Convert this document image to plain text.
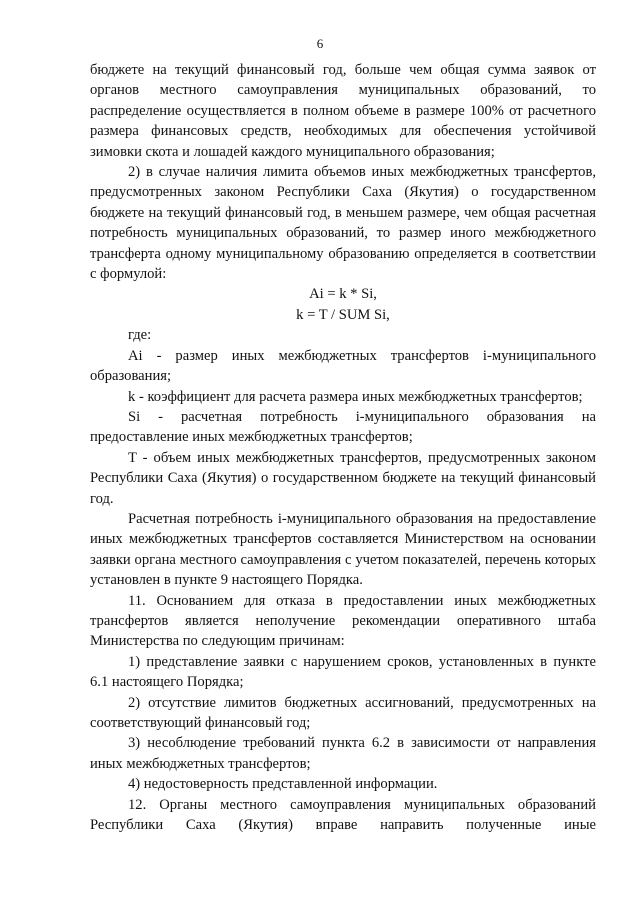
6

бюджете на текущий финансовый год, больше чем общая сумма заявок от органов местного самоуправления муниципальных образований, то распределение осуществляется в полном объеме в размере 100% от расчетного размера финансовых средств, необходимых для обеспечения устойчивой зимовки скота и лошадей каждого муниципального образования;

2) в случае наличия лимита объемов иных межбюджетных трансфертов, предусмотренных законом Республики Саха (Якутия) о государственном бюджете на текущий финансовый год, в меньшем размере, чем общая расчетная потребность муниципальных образований, то размер иного межбюджетного трансферта одному муниципальному образованию определяется в соответствии с формулой:

Ai = k * Si,

k = T / SUM Si,

где:

Ai - размер иных межбюджетных трансфертов i-муниципального образования;

k - коэффициент для расчета размера иных межбюджетных трансфертов;

Si - расчетная потребность i-муниципального образования на предоставление иных межбюджетных трансфертов;

T - объем иных межбюджетных трансфертов, предусмотренных законом Республики Саха (Якутия) о государственном бюджете на текущий финансовый год.

Расчетная потребность i-муниципального образования на предоставление иных межбюджетных трансфертов составляется Министерством на основании заявки органа местного самоуправления с учетом показателей, перечень которых установлен в пункте 9 настоящего Порядка.

11. Основанием для отказа в предоставлении иных межбюджетных трансфертов является неполучение рекомендации оперативного штаба Министерства по следующим причинам:

1) представление заявки с нарушением сроков, установленных в пункте 6.1 настоящего Порядка;

2) отсутствие лимитов бюджетных ассигнований, предусмотренных на соответствующий финансовый год;

3) несоблюдение требований пункта 6.2 в зависимости от направления иных межбюджетных трансфертов;

4) недостоверность представленной информации.

12. Органы местного самоуправления муниципальных образований Республики Саха (Якутия) вправе направить полученные иные
